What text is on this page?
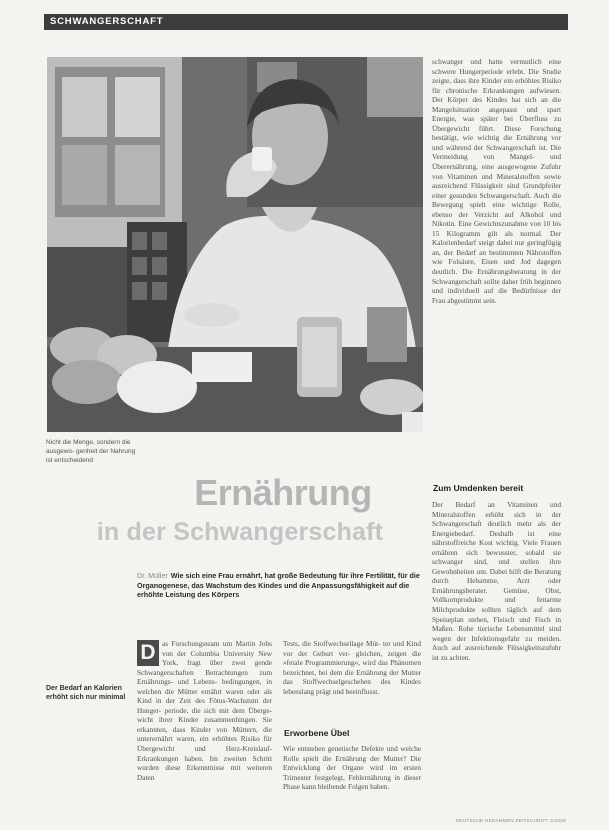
SCHWANGERSCHAFT
Nicht die Menge, sondern die ausgewo- genheit der Nahrung ist entscheidend
Ernährung
in der Schwangerschaft
Dr. Müller Wie sich eine Frau ernährt, hat große Bedeutung für ihre Fertilität, für die Organogenese, das Wachstum des Kindes und die Anpassungsfähigkeit auf die erhöhte Leistung des Körpers
Der Bedarf an Kalorien erhöht sich nur minimal
D as Forschungsteam um Martin Jobs von der Columbia University New York, fragt über zwei gende Schwangerschaften Betrachtungen zum Ernährungs- und Lebens- bedingungen, in welchen die Mütter ernährt waren oder als Kind in der Zeit des Fötus-Wachstum der Hunger- periode, die sich mit dem Überge- wicht ihrer Kinder zusammenhingen. Sie erkannten, dass Kinder von Müttern, die unterernährt waren, ein erhöhtes Risiko für Übergewicht und Herz-Kreislauf-Erkrankungen haben. Im zweiten Schritt wurden diese Erkenntnisse mit weiteren Daten

Tests, die Stoffwechsellage Müt- ter und Kind vor der Geburt ver- gleichen, zeigen die »fetale Programmierung«, wird das Phänomen bezeichnet, bei dem die Ernährung der Mutter das Stoffwechselgeschehen des Kindes lebenslang prägt und beeinflusst.

Erworbene Übel

Wie entstehen genetische Defekte und welche Rolle spielt die Ernährung der Mutter? Die Entwicklung der Organe wird im ersten Trimester festgelegt, Fehlernährung in dieser Phase kann bleibende Folgen haben.

schwanger und hatte vermutlich eine schwere Hungerperiode erlebt. Die Studie zeigte, dass ihre Kinder ein erhöhtes Risiko für chronische Erkrankungen aufwiesen. Der Körper des Kindes hat sich an die Mangelsituation angepasst und spart Energie, was später bei Überfluss zu Übergewicht führt. Diese Forschung bestätigt, wie wichtig die Ernährung vor und während der Schwangerschaft ist. Die Vermeidung von Mangel- und Überernährung, eine ausgewogene Zufuhr von Vitaminen und Mineralstoffen sowie ausreichend Flüssigkeit sind Grundpfeiler einer gesunden Schwangerschaft. Auch die Bewegung spielt eine wichtige Rolle, ebenso der Verzicht auf Alkohol und Nikotin. Eine Gewichtszunahme von 10 bis 15 Kilogramm gilt als normal. Der Kalorienbedarf steigt dabei nur geringfügig an, der Bedarf an bestimmten Nährstoffen wie Folsäure, Eisen und Jod dagegen deutlich. Die Ernährungsberatung in der Schwangerschaft sollte daher früh beginnen und individuell auf die Bedürfnisse der Frau abgestimmt sein.

Zum Umdenken bereit

Der Bedarf an Vitaminen und Mineralstoffen erhöht sich in der Schwangerschaft deutlich mehr als der Energiebedarf. Deshalb ist eine nährstoffreiche Kost wichtig. Viele Frauen ernähren sich bewusster, sobald sie schwanger sind, und stellen ihre Gewohnheiten um. Dabei hilft die Beratung durch Hebamme, Arzt oder Ernährungsberater. Gemüse, Obst, Vollkornprodukte und fettarme Milchprodukte sollten täglich auf dem Speiseplan stehen, Fleisch und Fisch in Maßen. Rohe tierische Lebensmittel sind wegen der Infektionsgefahr zu meiden. Auch auf ausreichende Flüssigkeitszufuhr ist zu achten.

DEUTSCHE HEBAMMEN ZEITSCHRIFT 3/2009
